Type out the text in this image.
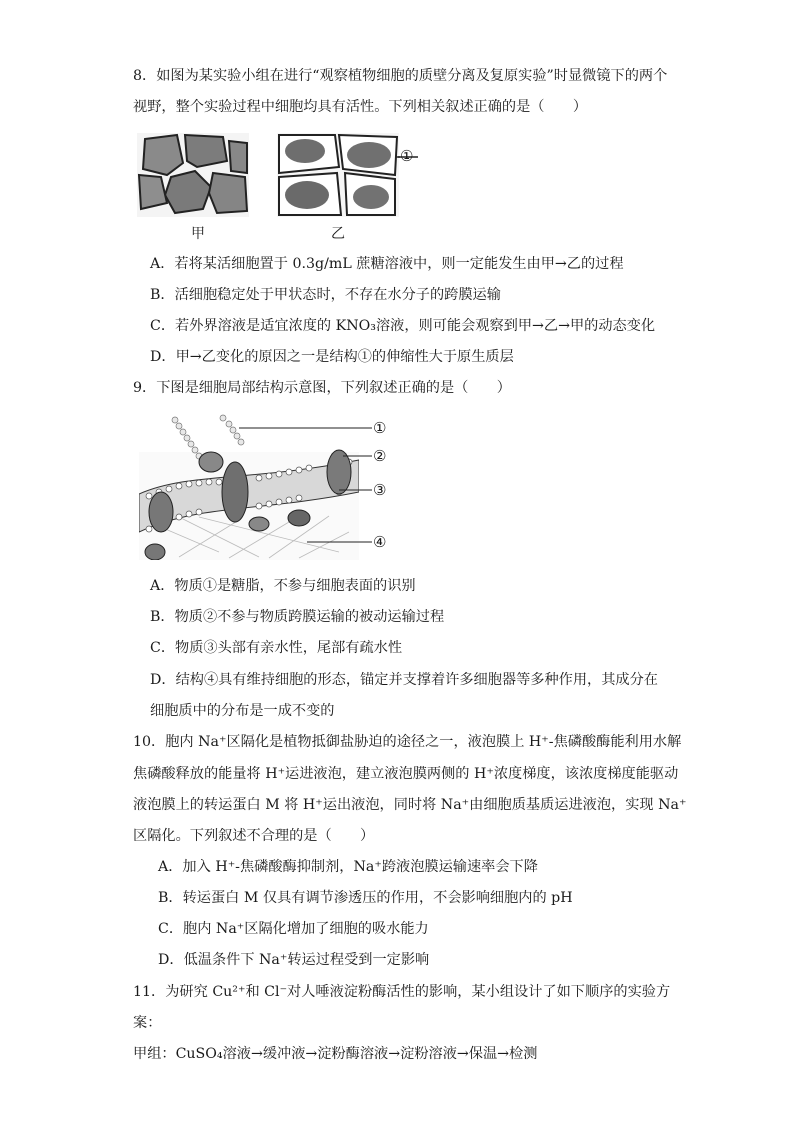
8．如图为某实验小组在进行“观察植物细胞的质壁分离及复原实验”时显微镜下的两个
视野，整个实验过程中细胞均具有活性。下列相关叙述正确的是（　　）
①
甲	乙
A．若将某活细胞置于 0.3g/mL 蔗糖溶液中，则一定能发生由甲→乙的过程
B．活细胞稳定处于甲状态时，不存在水分子的跨膜运输
C．若外界溶液是适宜浓度的 KNO₃溶液，则可能会观察到甲→乙→甲的动态变化
D．甲→乙变化的原因之一是结构①的伸缩性大于原生质层
9．下图是细胞局部结构示意图，下列叙述正确的是（　　）
①
②
③
④
A．物质①是糖脂，不参与细胞表面的识别
B．物质②不参与物质跨膜运输的被动运输过程
C．物质③头部有亲水性，尾部有疏水性
D．结构④具有维持细胞的形态，锚定并支撑着许多细胞器等多种作用，其成分在
细胞质中的分布是一成不变的
10．胞内 Na⁺区隔化是植物抵御盐胁迫的途径之一，液泡膜上 H⁺-焦磷酸酶能利用水解
焦磷酸释放的能量将 H⁺运进液泡，建立液泡膜两侧的 H⁺浓度梯度，该浓度梯度能驱动
液泡膜上的转运蛋白 M 将 H⁺运出液泡，同时将 Na⁺由细胞质基质运进液泡，实现 Na⁺
区隔化。下列叙述不合理的是（　　）
A．加入 H⁺-焦磷酸酶抑制剂，Na⁺跨液泡膜运输速率会下降
B．转运蛋白 M 仅具有调节渗透压的作用，不会影响细胞内的 pH
C．胞内 Na⁺区隔化增加了细胞的吸水能力
D．低温条件下 Na⁺转运过程受到一定影响
11．为研究 Cu²⁺和 Cl⁻对人唾液淀粉酶活性的影响，某小组设计了如下顺序的实验方
案：
甲组：CuSO₄溶液→缓冲液→淀粉酶溶液→淀粉溶液→保温→检测
